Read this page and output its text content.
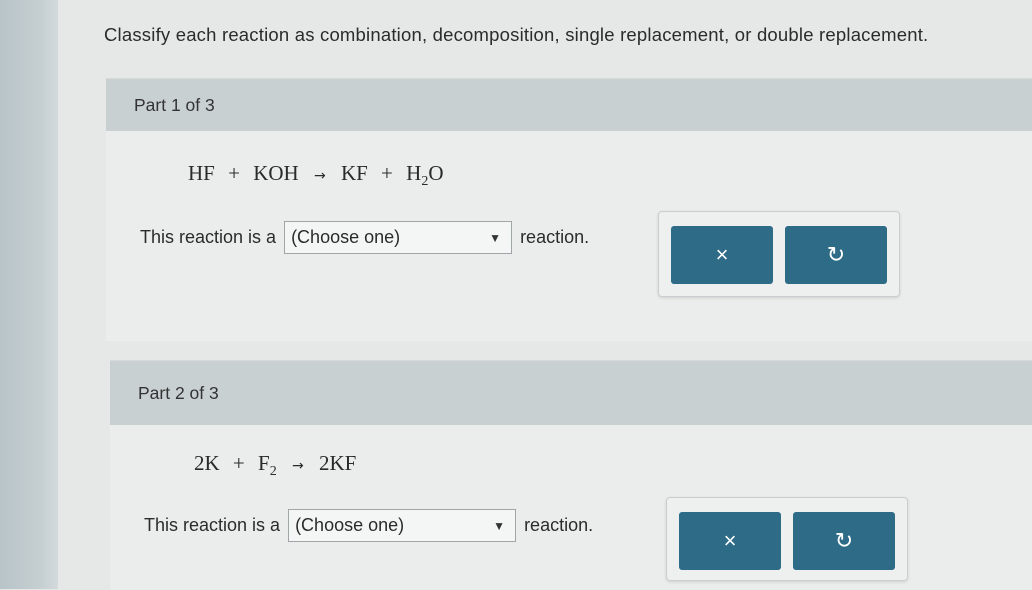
Classify each reaction as combination, decomposition, single replacement, or double replacement.
Part 1 of 3
HF + KOH → KF + $H_2O$
This reaction is a (Choose one)	▼ reaction.
×	↻
Part 2 of 3
$2K + F_2 \to 2KF$
This reaction is a (Choose one)	▼ reaction.
×	↻
